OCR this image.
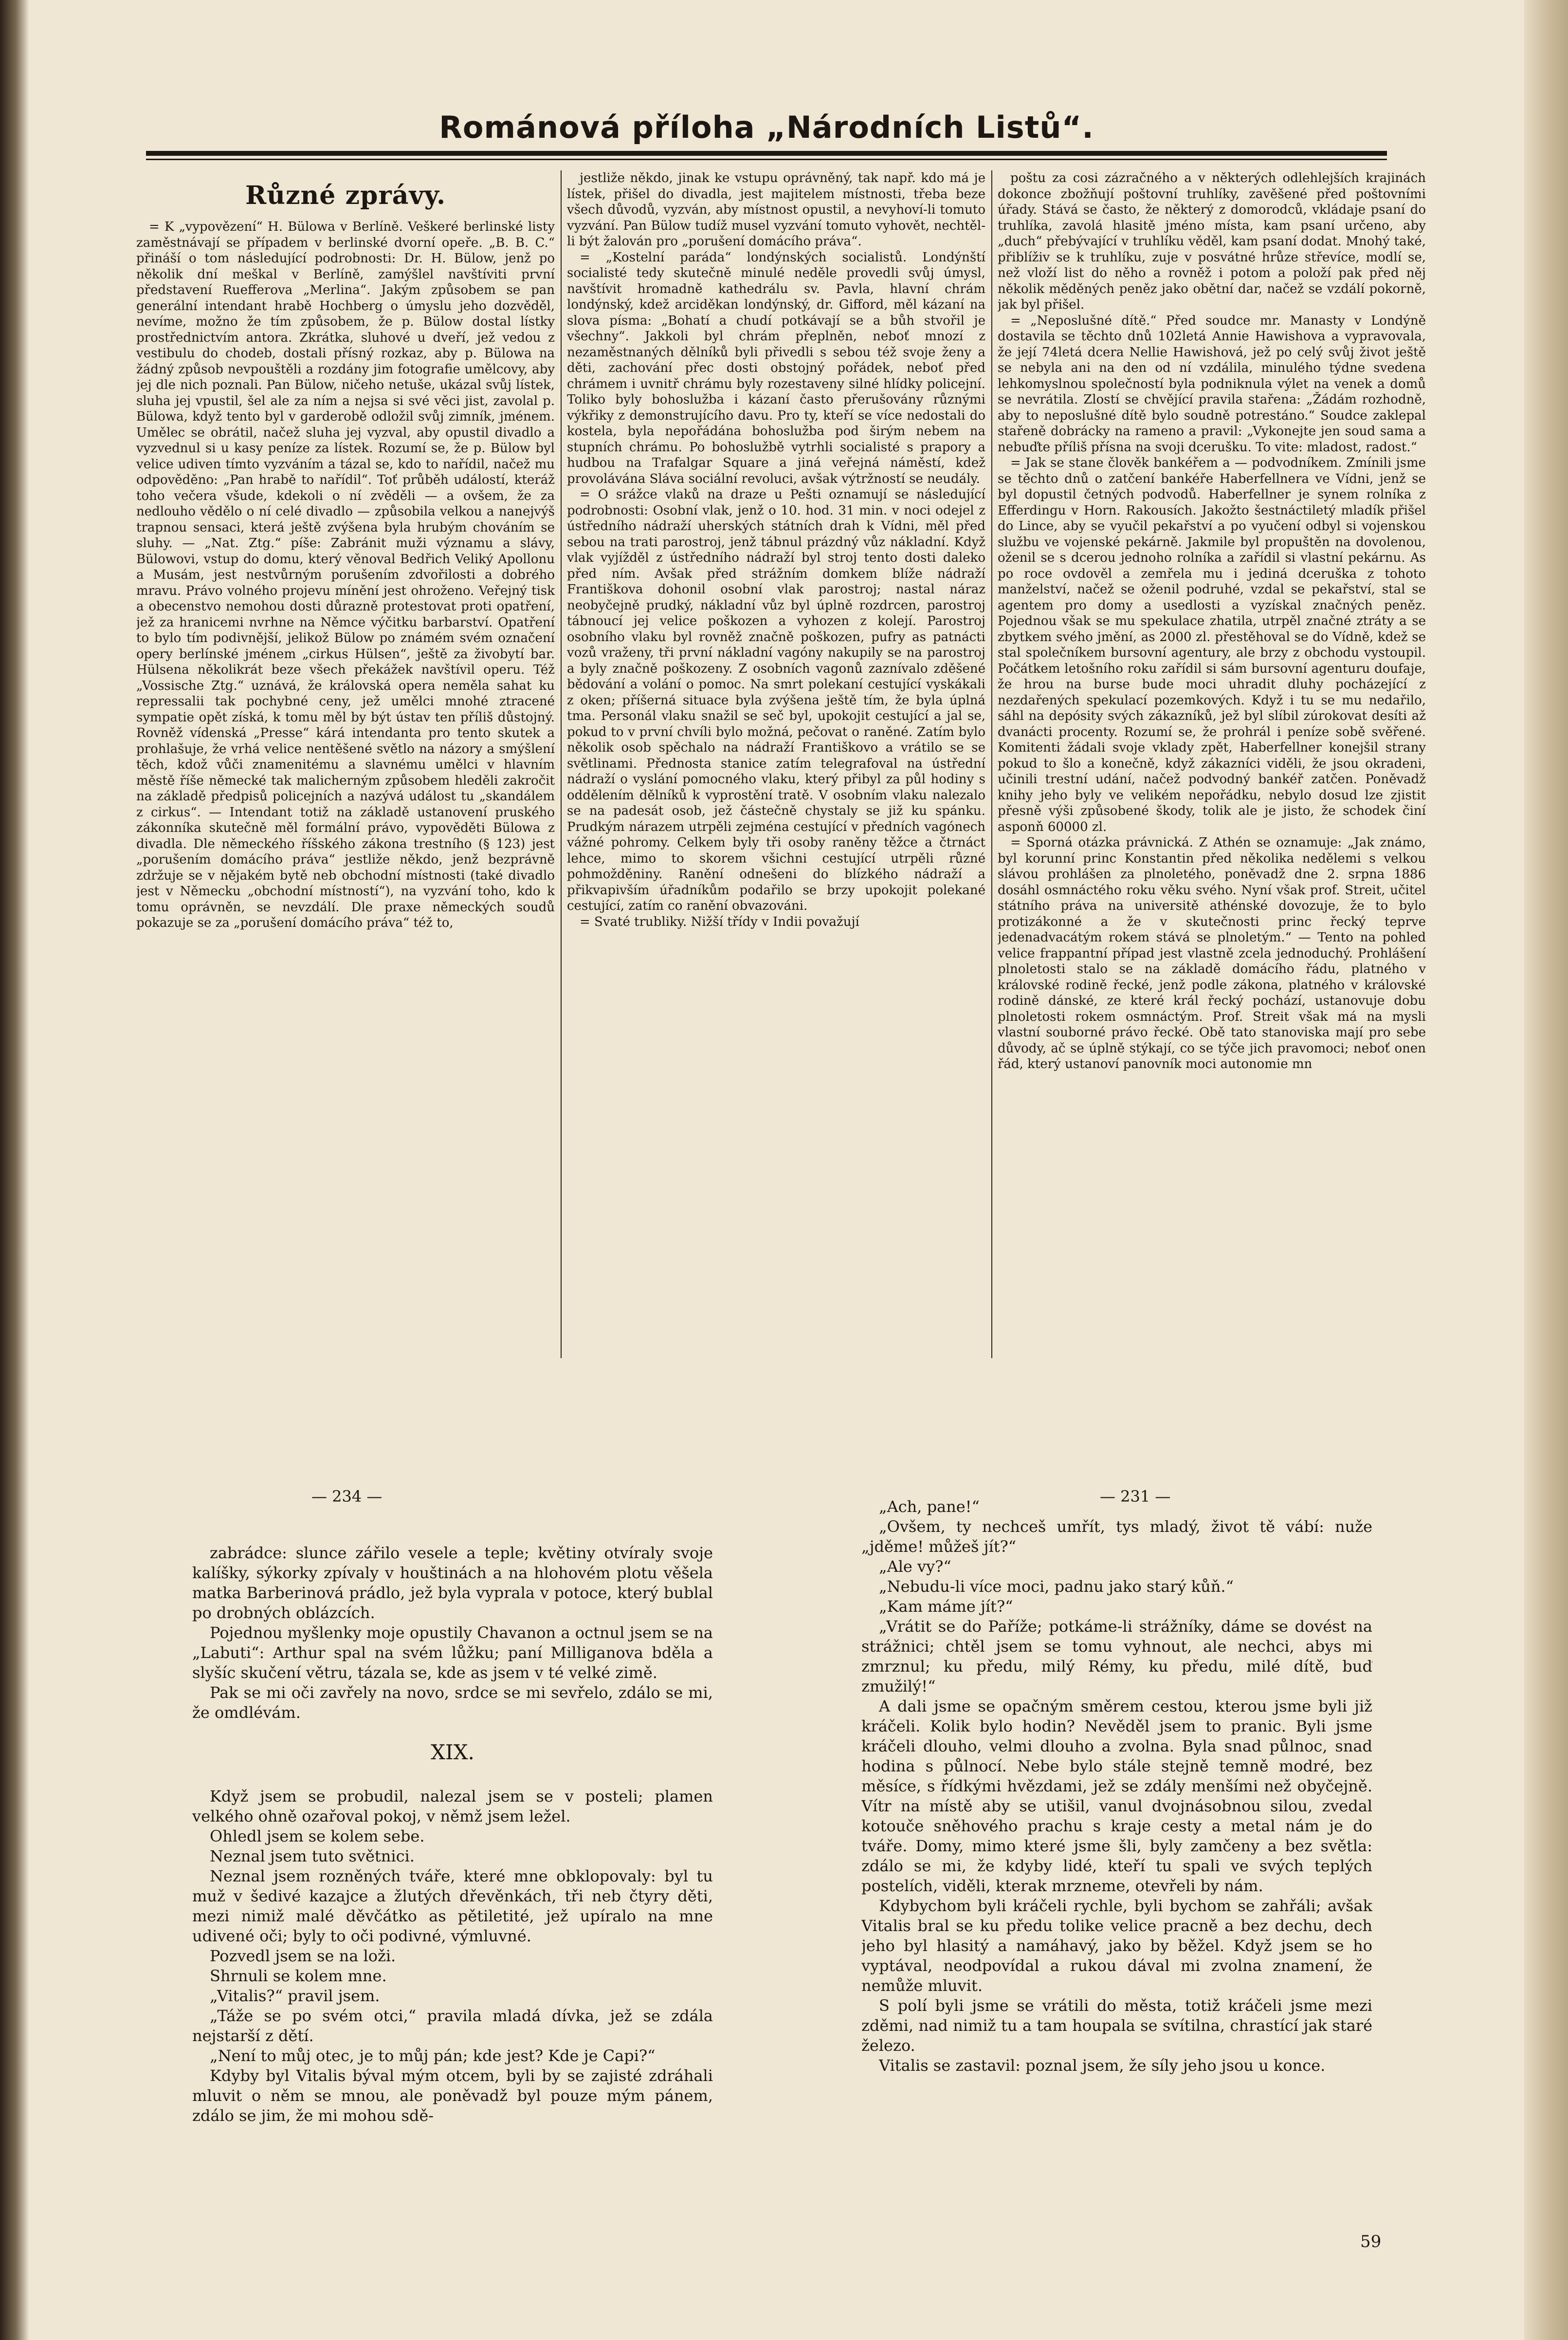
Románová příloha „Národních Listů“.
Různé zprávy.

= K „vypovězení“ H. Bülowa v Berlíně. Veškeré berlinské listy zaměstnávají se případem v berlinské dvorní opeře. „B. B. C.“ přináší o tom následující podrobnosti: Dr. H. Bülow, jenž po několik dní meškal v Berlíně, zamýšlel navštíviti první představení Ruefferova „Merlina“. Jakým způsobem se pan generální intendant hrabě Hochberg o úmyslu jeho dozvěděl, nevíme, možno že tím způsobem, že p. Bülow dostal lístky prostřednictvím antora. Zkrátka, sluhové u dveří, jež vedou z vestibulu do chodeb, dostali přísný rozkaz, aby p. Bülowa na žádný způsob nevpouštěli a rozdány jim fotografie umělcovy, aby jej dle nich poznali. Pan Bülow, ničeho netuše, ukázal svůj lístek, sluha jej vpustil, šel ale za ním a nejsa si své věci jist, zavolal p. Bülowa, když tento byl v garderobě odložil svůj zimník, jménem. Umělec se obrátil, načež sluha jej vyzval, aby opustil divadlo a vyzvednul si u kasy peníze za lístek. Rozumí se, že p. Bülow byl velice udiven tímto vyzváním a tázal se, kdo to nařídil, načež mu odpověděno: „Pan hrabě to nařídil“. Toť průběh událostí, kteráž toho večera všude, kdekoli o ní zvěděli — a ovšem, že za nedlouho vědělo o ní celé divadlo — způsobila velkou a nanejvýš trapnou sensaci, která ještě zvýšena byla hrubým chováním se sluhy. — „Nat. Ztg.“ píše: Zabránit muži významu a slávy, Bülowovi, vstup do domu, který věnoval Bedřich Veliký Apollonu a Musám, jest nestvůrným porušením zdvořilosti a dobrého mravu. Právo volného projevu mínění jest ohroženo. Veřejný tisk a obecenstvo nemohou dosti důrazně protestovat proti opatření, jež za hranicemi nvrhne na Němce výčitku barbarství. Opatření to bylo tím podivnější, jelikož Bülow po známém svém označení opery berlínské jménem „cirkus Hülsen“, ještě za živobytí bar. Hülsena několikrát beze všech překážek navštívil operu. Též „Vossische Ztg.“ uznává, že královská opera neměla sahat ku repressalii tak pochybné ceny, jež umělci mnohé ztracené sympatie opět získá, k tomu měl by být ústav ten příliš důstojný. Rovněž vídenská „Presse“ kárá intendanta pro tento skutek a prohlašuje, že vrhá velice nentěšené světlo na názory a smýšlení těch, kdož vůči znamenitému a slavnému umělci v hlavním městě říše německé tak malicherným způsobem hleděli zakročit na základě předpisů policejních a nazývá událost tu „skandálem z cirkus“. — Intendant totiž na základě ustanovení pruského zákonníka skutečně měl formální právo, vypověděti Bülowa z divadla. Dle německého říšského zákona trestního (§ 123) jest „porušením domácího práva“ jestliže někdo, jenž bezprávně zdržuje se v nějakém bytě neb obchodní místnosti (také divadlo jest v Německu „obchodní místností“), na vyzvání toho, kdo k tomu oprávněn, se nevzdálí. Dle praxe německých soudů pokazuje se za „porušení domácího práva“ též to,

jestliže někdo, jinak ke vstupu oprávněný, tak např. kdo má je lístek, přišel do divadla, jest majitelem místnosti, třeba beze všech důvodů, vyzván, aby místnost opustil, a nevyhoví-li tomuto vyzvání. Pan Bülow tudíž musel vyzvání tomuto vyhovět, nechtěl-li být žalován pro „porušení domácího práva“.

= „Kostelní paráda“ londýnských socialistů. Londýnští socialisté tedy skutečně minulé neděle provedli svůj úmysl, navštívit hromadně kathedrálu sv. Pavla, hlavní chrám londýnský, kdež arciděkan londýnský, dr. Gifford, měl kázaní na slova písma: „Bohatí a chudí potkávají se a bůh stvořil je všechny“. Jakkoli byl chrám přeplněn, neboť mnozí z nezaměstnaných dělníků byli přivedli s sebou též svoje ženy a děti, zachování přec dosti obstojný pořádek, neboť před chrámem i uvnitř chrámu byly rozestaveny silné hlídky policejní. Toliko byly bohoslužba i kázaní často přerušovány různými výkřiky z demonstrujícího davu. Pro ty, kteří se více nedostali do kostela, byla nepořádána bohoslužba pod širým nebem na stupních chrámu. Po bohoslužbě vytrhli socialisté s prapory a hudbou na Trafalgar Square a jiná veřejná náměstí, kdež provolávána Sláva sociální revoluci, avšak výtržností se neudály.

= O srážce vlaků na draze u Pešti oznamují se následující podrobnosti: Osobní vlak, jenž o 10. hod. 31 min. v noci odejel z ústředního nádraží uherských státních drah k Vídni, měl před sebou na trati parostroj, jenž tábnul prázdný vůz nákladní. Když vlak vyjížděl z ústředního nádraží byl stroj tento dosti daleko před ním. Avšak před strážním domkem blíže nádraží Františkova dohonil osobní vlak parostroj; nastal náraz neobyčejně prudký, nákladní vůz byl úplně rozdrcen, parostroj tábnoucí jej velice poškozen a vyhozen z kolejí. Parostroj osobního vlaku byl rovněž značně poškozen, pufry as patnácti vozů vraženy, tři první nákladní vagóny nakupily se na parostroj a byly značně poškozeny. Z osobních vagonů zaznívalo zděšené bědování a volání o pomoc. Na smrt polekaní cestující vyskákali z oken; příšerná situace byla zvýšena ještě tím, že byla úplná tma. Personál vlaku snažil se seč byl, upokojit cestující a jal se, pokud to v první chvíli bylo možná, pečovat o raněné. Zatím bylo několik osob spěchalo na nádraží Františkovo a vrátilo se se světlinami. Přednosta stanice zatím telegrafoval na ústřední nádraží o vyslání pomocného vlaku, který přibyl za půl hodiny s oddělením dělníků k vyprostění tratě. V osobním vlaku nalezalo se na padesát osob, jež částečně chystaly se již ku spánku. Prudkým nárazem utrpěli zejména cestující v předních vagónech vážné pohromy. Celkem byly tři osoby raněny těžce a čtrnáct lehce, mimo to skorem všichni cestující utrpěli různé pohmožděniny. Ranění odnešeni do blízkého nádraží a přikvapivším úřadníkům podařilo se brzy upokojit polekané cestující, zatím co ranění obvazováni.

= Svaté trubliky. Nižší třídy v Indii považují

poštu za cosi zázračného a v některých odlehlejších krajinách dokonce zbožňují poštovní truhlíky, zavěšené před poštovními úřady. Stává se často, že některý z domorodců, vkládaje psaní do truhlíka, zavolá hlasitě jméno místa, kam psaní určeno, aby „duch“ přebývající v truhlíku věděl, kam psaní dodat. Mnohý také, přiblíživ se k truhlíku, zuje v posvátné hrůze střevíce, modlí se, než vloží list do něho a rovněž i potom a položí pak před něj několik měděných peněz jako obětní dar, načež se vzdálí pokorně, jak byl přišel.

= „Neposlušné dítě.“ Před soudce mr. Manasty v Londýně dostavila se těchto dnů 102letá Annie Hawishova a vypravovala, že její 74letá dcera Nellie Hawishová, jež po celý svůj život ještě se nebyla ani na den od ní vzdálila, minulého týdne svedena lehkomyslnou společností byla podniknula výlet na venek a domů se nevrátila. Zlostí se chvějící pravila stařena: „Žádám rozhodně, aby to neposlušné dítě bylo soudně potrestáno.“ Soudce zaklepal stařeně dobrácky na rameno a pravil: „Vykonejte jen soud sama a nebuďte příliš přísna na svoji dcerušku. To vite: mladost, radost.“

= Jak se stane člověk bankéřem a — podvodníkem. Zmínili jsme se těchto dnů o zatčení bankéře Haberfellnera ve Vídni, jenž se byl dopustil četných podvodů. Haberfellner je synem rolníka z Efferdingu v Horn. Rakousích. Jakožto šestnáctiletý mladík přišel do Lince, aby se vyučil pekařství a po vyučení odbyl si vojenskou službu ve vojenské pekárně. Jakmile byl propuštěn na dovolenou, oženil se s dcerou jednoho rolníka a zařídil si vlastní pekárnu. As po roce ovdověl a zemřela mu i jediná dceruška z tohoto manželství, načež se oženil podruhé, vzdal se pekařství, stal se agentem pro domy a usedlosti a vyzískal značných peněz. Pojednou však se mu spekulace zhatila, utrpěl značné ztráty a se zbytkem svého jmění, as 2000 zl. přestěhoval se do Vídně, kdež se stal společníkem bursovní agentury, ale brzy z obchodu vystoupil. Počátkem letošního roku zařídil si sám bursovní agenturu doufaje, že hrou na burse bude moci uhradit dluhy pocházející z nezdařených spekulací pozemkových. Když i tu se mu nedařilo, sáhl na depósity svých zákazníků, jež byl slíbil zúrokovat desíti až dvanácti procenty. Rozumí se, že prohrál i peníze sobě svěřené. Komitenti žádali svoje vklady zpět, Haberfellner konejšil strany pokud to šlo a konečně, když zákazníci viděli, že jsou okradeni, učinili trestní udání, načež podvodný bankéř zatčen. Poněvadž knihy jeho byly ve velikém nepořádku, nebylo dosud lze zjistit přesně výši způsobené škody, tolik ale je jisto, že schodek činí asponň 60000 zl.

= Sporná otázka právnická. Z Athén se oznamuje: „Jak známo, byl korunní princ Konstantin před několika nedělemi s velkou slávou prohlášen za plnoletého, poněvadž dne 2. srpna 1886 dosáhl osmnáctého roku věku svého. Nyní však prof. Streit, učitel státního práva na universitě athénské dovozuje, že to bylo protizákonné a že v skutečnosti princ řecký teprve jedenadvacátým rokem stává se plnoletým.“ — Tento na pohled velice frappantní případ jest vlastně zcela jednoduchý. Prohlášení plnoletosti stalo se na základě domácího řádu, platného v královské rodině řecké, jenž podle zákona, platného v královské rodině dánské, ze které král řecký pochází, ustanovuje dobu plnoletosti rokem osmnáctým. Prof. Streit však má na mysli vlastní souborné právo řecké. Obě tato stanoviska mají pro sebe důvody, ač se úplně stýkají, co se týče jich pravomoci; neboť onen řád, který ustanoví panovník moci autonomie mn

— 234 —	— 231 —

zabrádce: slunce zářilo vesele a teple; květiny otvíraly svoje kalíšky, sýkorky zpívaly v houštinách a na hlohovém plotu věšela matka Barberinová prádlo, jež byla vyprala v potoce, který bublal po drobných oblázcích.

Pojednou myšlenky moje opustily Chavanon a octnul jsem se na „Labuti“: Arthur spal na svém lůžku; paní Milliganova bděla a slyšíc skučení větru, tázala se, kde as jsem v té velké zimě.

Pak se mi oči zavřely na novo, srdce se mi sevřelo, zdálo se mi, že omdlévám.

XIX.

Když jsem se probudil, nalezal jsem se v posteli; plamen velkého ohně ozařoval pokoj, v němž jsem ležel.

Ohledl jsem se kolem sebe.

Neznal jsem tuto světnici.

Neznal jsem rozněných tváře, které mne obklopovaly: byl tu muž v šedivé kazajce a žlutých dřevěnkách, tři neb čtyry děti, mezi nimiž malé děvčátko as pětiletité, jež upíralo na mne udivené oči; byly to oči podivné, výmluvné.

Pozvedl jsem se na loži.

Shrnuli se kolem mne.

„Vitalis?“ pravil jsem.

„Táže se po svém otci,“ pravila mladá dívka, jež se zdála nejstarší z dětí.

„Není to můj otec, je to můj pán; kde jest? Kde je Capi?“

Kdyby byl Vitalis býval mým otcem, byli by se zajisté zdráhali mluvit o něm se mnou, ale poněvadž byl pouze mým pánem, zdálo se jim, že mi mohou sdě-

„Ach, pane!“

„Ovšem, ty nechceš umřít, tys mladý, život tě vábí: nuže „jděme! můžeš jít?“

„Ale vy?“

„Nebudu-li více moci, padnu jako starý kůň.“

„Kam máme jít?“

„Vrátit se do Paříže; potkáme-li strážníky, dáme se dovést na strážnici; chtěl jsem se tomu vyhnout, ale nechci, abys mi zmrznul; ku předu, milý Rémy, ku předu, milé dítě, buď zmužilý!“

A dali jsme se opačným směrem cestou, kterou jsme byli již kráčeli. Kolik bylo hodin? Nevěděl jsem to pranic. Byli jsme kráčeli dlouho, velmi dlouho a zvolna. Byla snad půlnoc, snad hodina s půlnocí. Nebe bylo stále stejně temně modré, bez měsíce, s řídkými hvězdami, jež se zdály menšími než obyčejně. Vítr na místě aby se utišil, vanul dvojnásobnou silou, zvedal kotouče sněhového prachu s kraje cesty a metal nám je do tváře. Domy, mimo které jsme šli, byly zamčeny a bez světla: zdálo se mi, že kdyby lidé, kteří tu spali ve svých teplých postelích, viděli, kterak mrzneme, otevřeli by nám.

Kdybychom byli kráčeli rychle, byli bychom se zahřáli; avšak Vitalis bral se ku předu tolike velice pracně a bez dechu, dech jeho byl hlasitý a namáhavý, jako by běžel. Když jsem se ho vyptával, neodpovídal a rukou dával mi zvolna znamení, že nemůže mluvit.

S polí byli jsme se vrátili do města, totiž kráčeli jsme mezi zděmi, nad nimiž tu a tam houpala se svítilna, chrastící jak staré železo.

Vitalis se zastavil: poznal jsem, že síly jeho jsou u konce.

59
